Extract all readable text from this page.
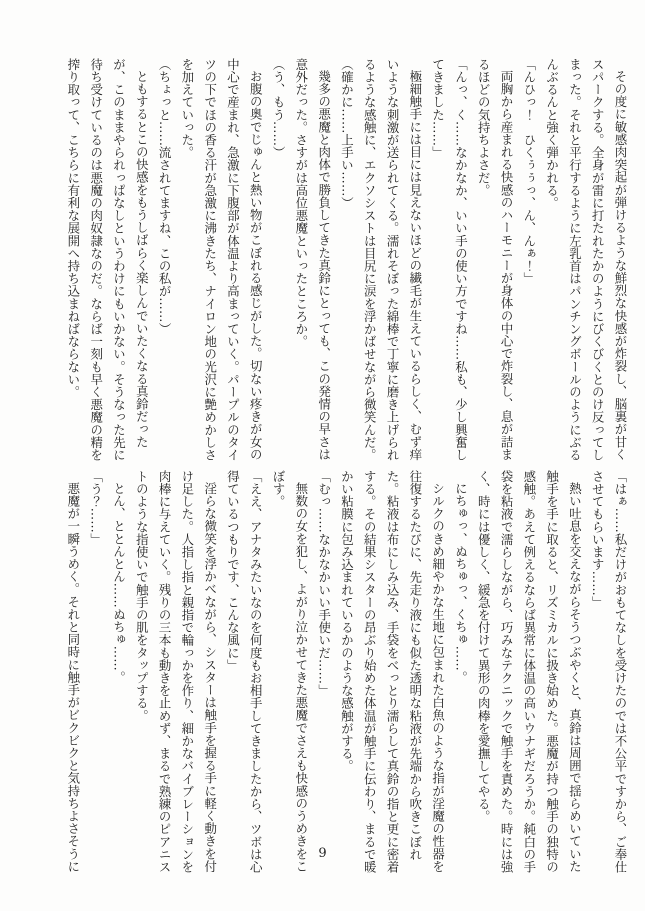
その度に敏感肉突起が弾けるような鮮烈な快感が炸裂し、脳裏が甘くスパークする。全身が雷に打たれたかのようにびくびくとのけ反ってしまった。それと平行するように左乳首はパンチングボールのようにぶるんぶるんと強く弾かれる。

「んひっ！　ひくぅぅっ、ん、んぁ！」

両胸から産まれる快感のハーモニーが身体の中心で炸裂し、息が詰まるほどの気持ちよさだ。

「んっ、く……なかなか、いい手の使い方ですね……私も、少し興奮してきました……」

極細触手には目には見えないほどの繊毛が生えているらしく、むず痒いような刺激が送られてくる。濡れそぼった綿棒で丁寧に磨き上げられるような感触に、エクソシストは目尻に涙を浮かばせながら微笑んだ。

（確かに……上手い……）

幾多の悪魔と肉体で勝負してきた真鈴にとっても、この発情の早さは意外だった。さすがは高位悪魔といったところか。

（う、もう……）

お腹の奥でじゅんと熱い物がこぼれる感じがした。切ない疼きが女の中心で産まれ、急激に下腹部が体温より高まっていく。パープルのタイツの下でほの香る汗が急激に沸きたち、ナイロン地の光沢に艶めかしさを加えていった。

（ちょっと……流されてますね、この私が……）

ともするとこの快感をもうしばらく楽しんでいたくなる真鈴だったが、このままやられっぱなしというわけにもいかない。そうなった先に待ち受けているのは悪魔の肉奴隷なのだ。ならば一刻も早く悪魔の精を搾り取って、こちらに有利な展開へ持ち込まねばならない。

「はぁ……私だけがおもてなしを受けたのでは不公平ですから、ご奉仕させてもらいます……」

熱い吐息を交えながらそうつぶやくと、真鈴は周囲で揺らめいていた触手を手に取ると、リズミカルに扱き始めた。悪魔が持つ触手の独特の感触。あえて例えるならば異常に体温の高いウナギだろうか。純白の手袋を粘液で濡らしながら、巧みなテクニックで触手を責めた。時には強く、時には優しく、緩急を付けて異形の肉棒を愛撫してやる。

にちゅっ、ぬちゅっ、くちゅ……。

シルクのきめ細やかな生地に包まれた白魚のような指が淫魔の性器を往復するたびに、先走り液にも似た透明な粘液が先端から吹きこぼれた。粘液は布にしみ込み、手袋をべっとり濡らして真鈴の指と更に密着する。その結果シスターの昂ぶり始めた体温が触手に伝わり、まるで暖かい粘膜に包み込まれているかのような感触がする。

「むっ……なかなかいい手使いだ……」

無数の女を犯し、よがり泣かせてきた悪魔でさえも快感のうめきをこぼす。

「ええ、アナタみたいなのを何度もお相手してきましたから、ツボは心得ているつもりです、こんな風に」

淫らな微笑を浮かべながら、シスターは触手を握る手に軽く動きを付け足した。人指し指と親指で輪っかを作り、細かなバイブレーションを肉棒に与えていく。残りの三本も動きを止めず、まるで熟練のピアニストのような指使いで触手の肌をタップする。

とん、ととんとん……ぬちゅ……。

「う？……」

悪魔が一瞬うめく。それと同時に触手がビクビクと気持ちよさそうに	9
